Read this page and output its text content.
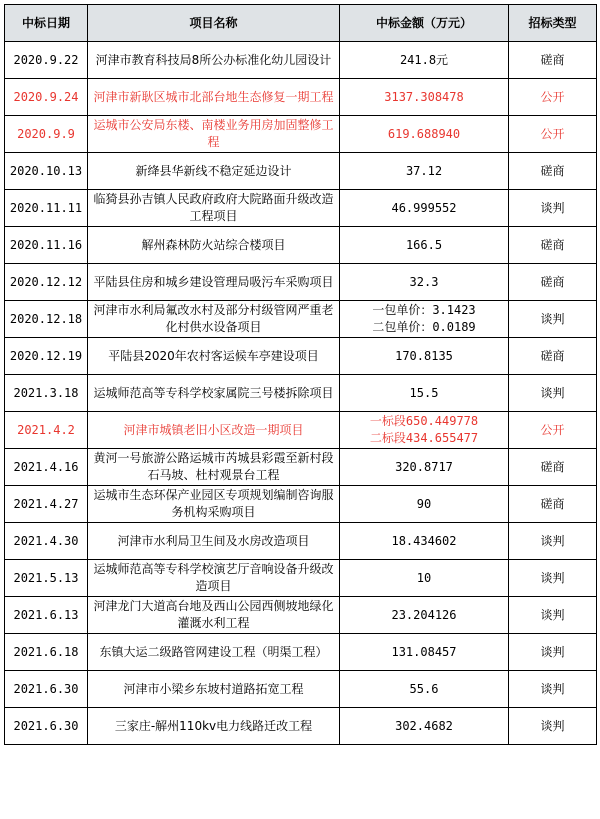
中标日期	项目名称	中标金额（万元）	招标类型
2020.9.22	河津市教育科技局8所公办标准化幼儿园设计	241.8元	磋商
2020.9.24	河津市新耿区城市北部台地生态修复一期工程	3137.308478	公开
2020.9.9	运城市公安局东楼、南楼业务用房加固整修工程	619.688940	公开
2020.10.13	新绛县华新线不稳定延边设计	37.12	磋商
2020.11.11	临猗县孙吉镇人民政府政府大院路面升级改造工程项目	46.999552	谈判
2020.11.16	解州森林防火站综合楼项目	166.5	磋商
2020.12.12	平陆县住房和城乡建设管理局吸污车采购项目	32.3	磋商
2020.12.18	河津市水利局氟改水村及部分村级管网严重老化村供水设备项目	一包单价：3.1423
二包单价：0.0189	谈判
2020.12.19	平陆县2020年农村客运候车亭建设项目	170.8135	磋商
2021.3.18	运城师范高等专科学校家属院三号楼拆除项目	15.5	谈判
2021.4.2	河津市城镇老旧小区改造一期项目	一标段650.449778
二标段434.655477	公开
2021.4.16	黄河一号旅游公路运城市芮城县彩霞至新村段石马坡、杜村观景台工程	320.8717	磋商
2021.4.27	运城市生态环保产业园区专项规划编制咨询服务机构采购项目	90	磋商
2021.4.30	河津市水利局卫生间及水房改造项目	18.434602	谈判
2021.5.13	运城师范高等专科学校演艺厅音响设备升级改造项目	10	谈判
2021.6.13	河津龙门大道高台地及西山公园西侧坡地绿化灌溉水利工程	23.204126	谈判
2021.6.18	东镇大运二级路管网建设工程（明渠工程）	131.08457	谈判
2021.6.30	河津市小梁乡东坡村道路拓宽工程	55.6	谈判
2021.6.30	三家庄-解州110kv电力线路迁改工程	302.4682	谈判
